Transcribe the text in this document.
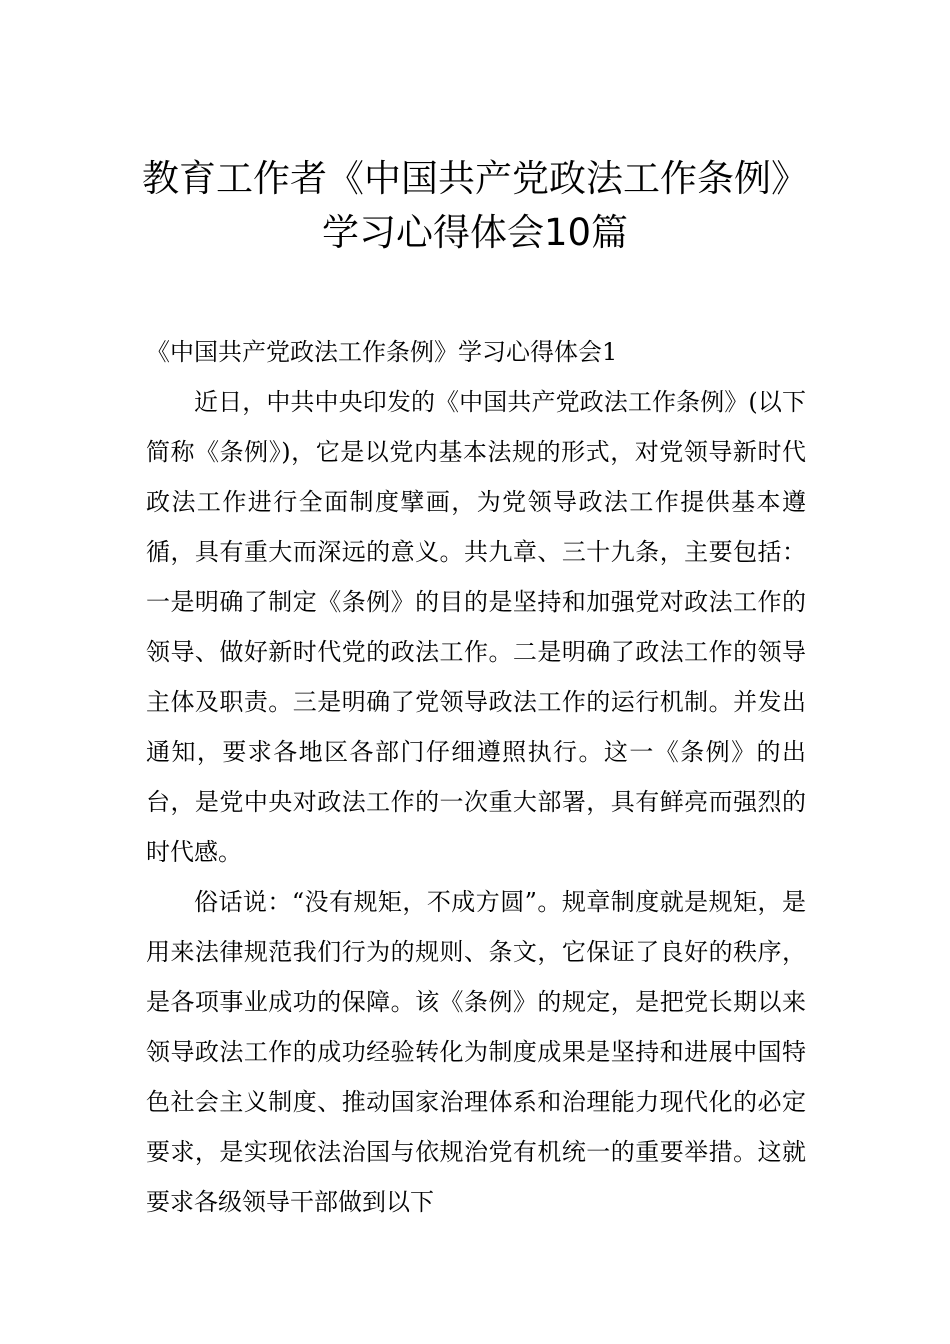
教育工作者《中国共产党政法工作条例》
学习心得体会10篇

《中国共产党政法工作条例》学习心得体会1

近日，中共中央印发的《中国共产党政法工作条例》(以下简称《条例》)，它是以党内基本法规的形式，对党领导新时代政法工作进行全面制度擘画，为党领导政法工作提供基本遵循，具有重大而深远的意义。共九章、三十九条，主要包括：一是明确了制定《条例》的目的是坚持和加强党对政法工作的领导、做好新时代党的政法工作。二是明确了政法工作的领导主体及职责。三是明确了党领导政法工作的运行机制。并发出通知，要求各地区各部门仔细遵照执行。这一《条例》的出台，是党中央对政法工作的一次重大部署，具有鲜亮而强烈的时代感。

俗话说：“没有规矩，不成方圆”。规章制度就是规矩，是用来法律规范我们行为的规则、条文，它保证了良好的秩序，是各项事业成功的保障。该《条例》的规定，是把党长期以来领导政法工作的成功经验转化为制度成果是坚持和进展中国特色社会主义制度、推动国家治理体系和治理能力现代化的必定要求，是实现依法治国与依规治党有机统一的重要举措。这就要求各级领导干部做到以下
